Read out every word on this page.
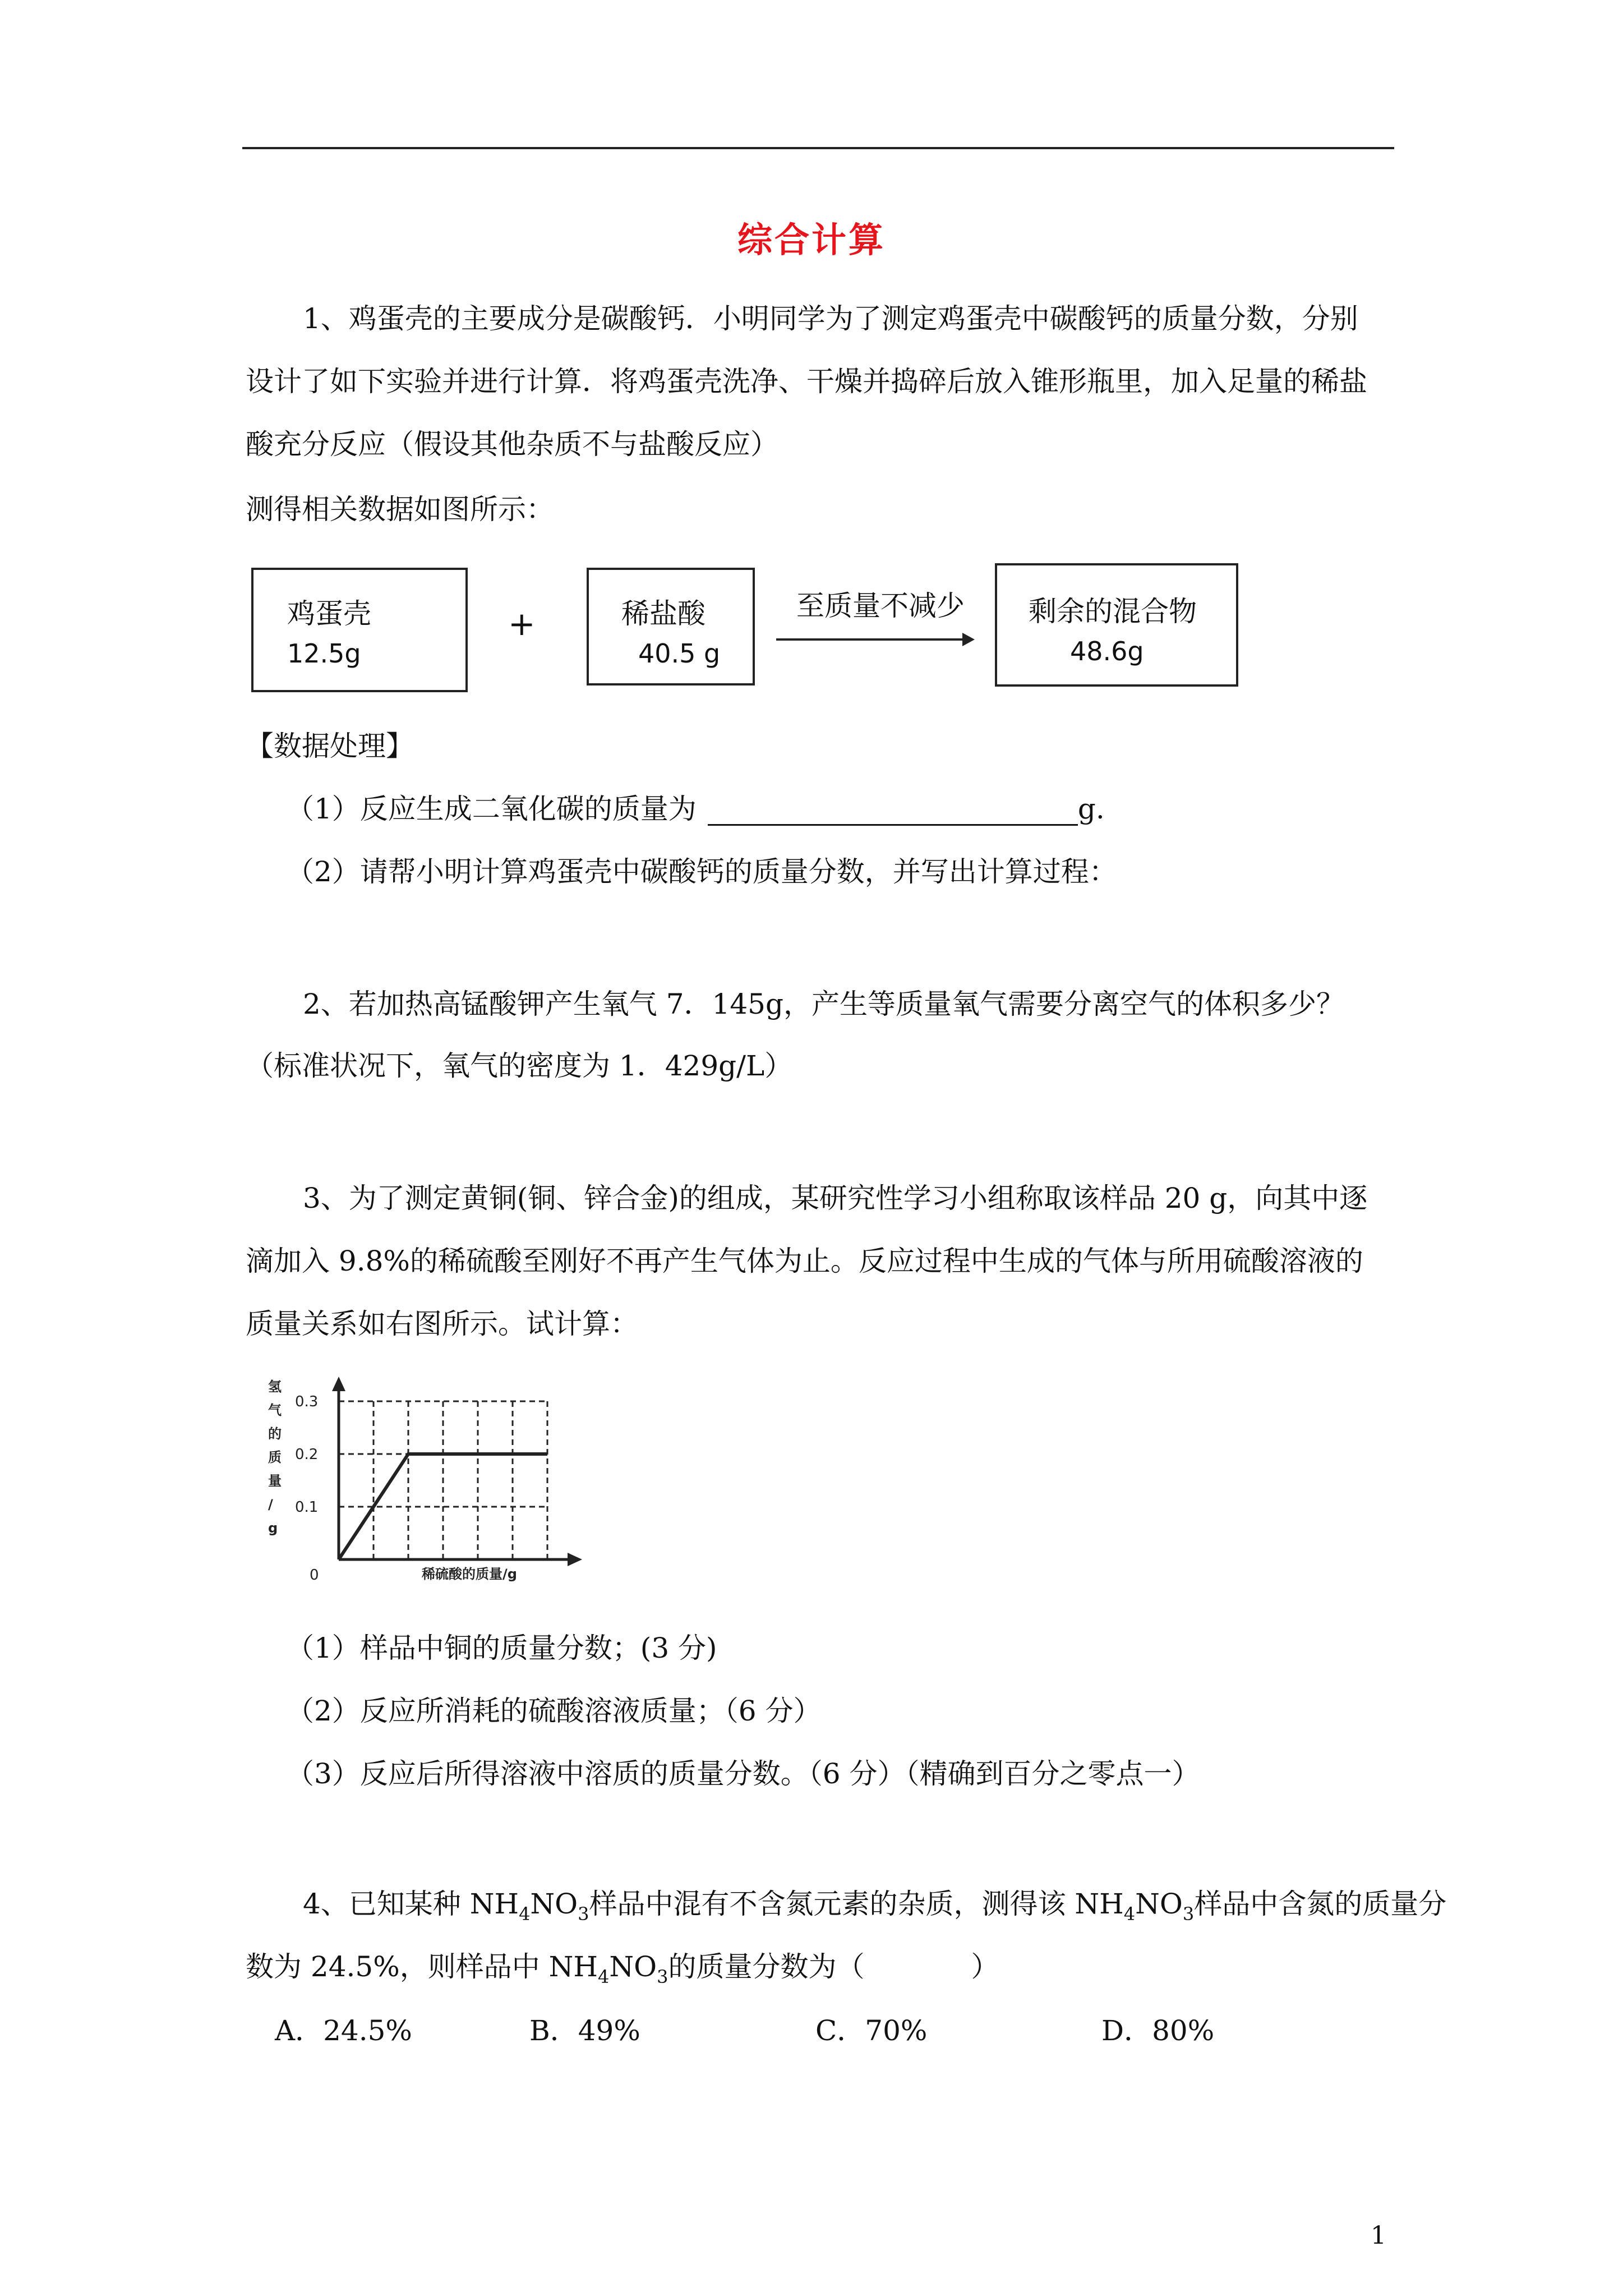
综合计算
1、鸡蛋壳的主要成分是碳酸钙．小明同学为了测定鸡蛋壳中碳酸钙的质量分数，分别
设计了如下实验并进行计算．将鸡蛋壳洗净、干燥并捣碎后放入锥形瓶里，加入足量的稀盐
酸充分反应（假设其他杂质不与盐酸反应）
测得相关数据如图所示：
鸡蛋壳
12.5g
+	稀盐酸
40.5 g
至质量不减少 剩余的混合物
48.6g
【数据处理】
（1）反应生成二氧化碳的质量为	g.
（2）请帮小明计算鸡蛋壳中碳酸钙的质量分数，并写出计算过程：
2、若加热高锰酸钾产生氧气 7．145g，产生等质量氧气需要分离空气的体积多少？
（标准状况下，氧气的密度为 1．429g/L）
3、为了测定黄铜(铜、锌合金)的组成，某研究性学习小组称取该样品 20 g，向其中逐
滴加入 9.8%的稀硫酸至刚好不再产生气体为止。反应过程中生成的气体与所用硫酸溶液的
质量关系如右图所示。试计算：
氢气的质量/ g
0.3
0.2
0.1
0	稀硫酸的质量/g
（1）样品中铜的质量分数；(3 分)
（2）反应所消耗的硫酸溶液质量；（6 分）
（3）反应后所得溶液中溶质的质量分数。（6 分）（精确到百分之零点一）
4、已知某种 $NH_4NO_3$样品中混有不含氮元素的杂质，测得该 $NH_4NO_3$样品中含氮的质量分
数为 24.5%，则样品中 $NH_4NO_3$的质量分数为（	）
A．24.5%	B．49%	C．70%	D．80%
1
